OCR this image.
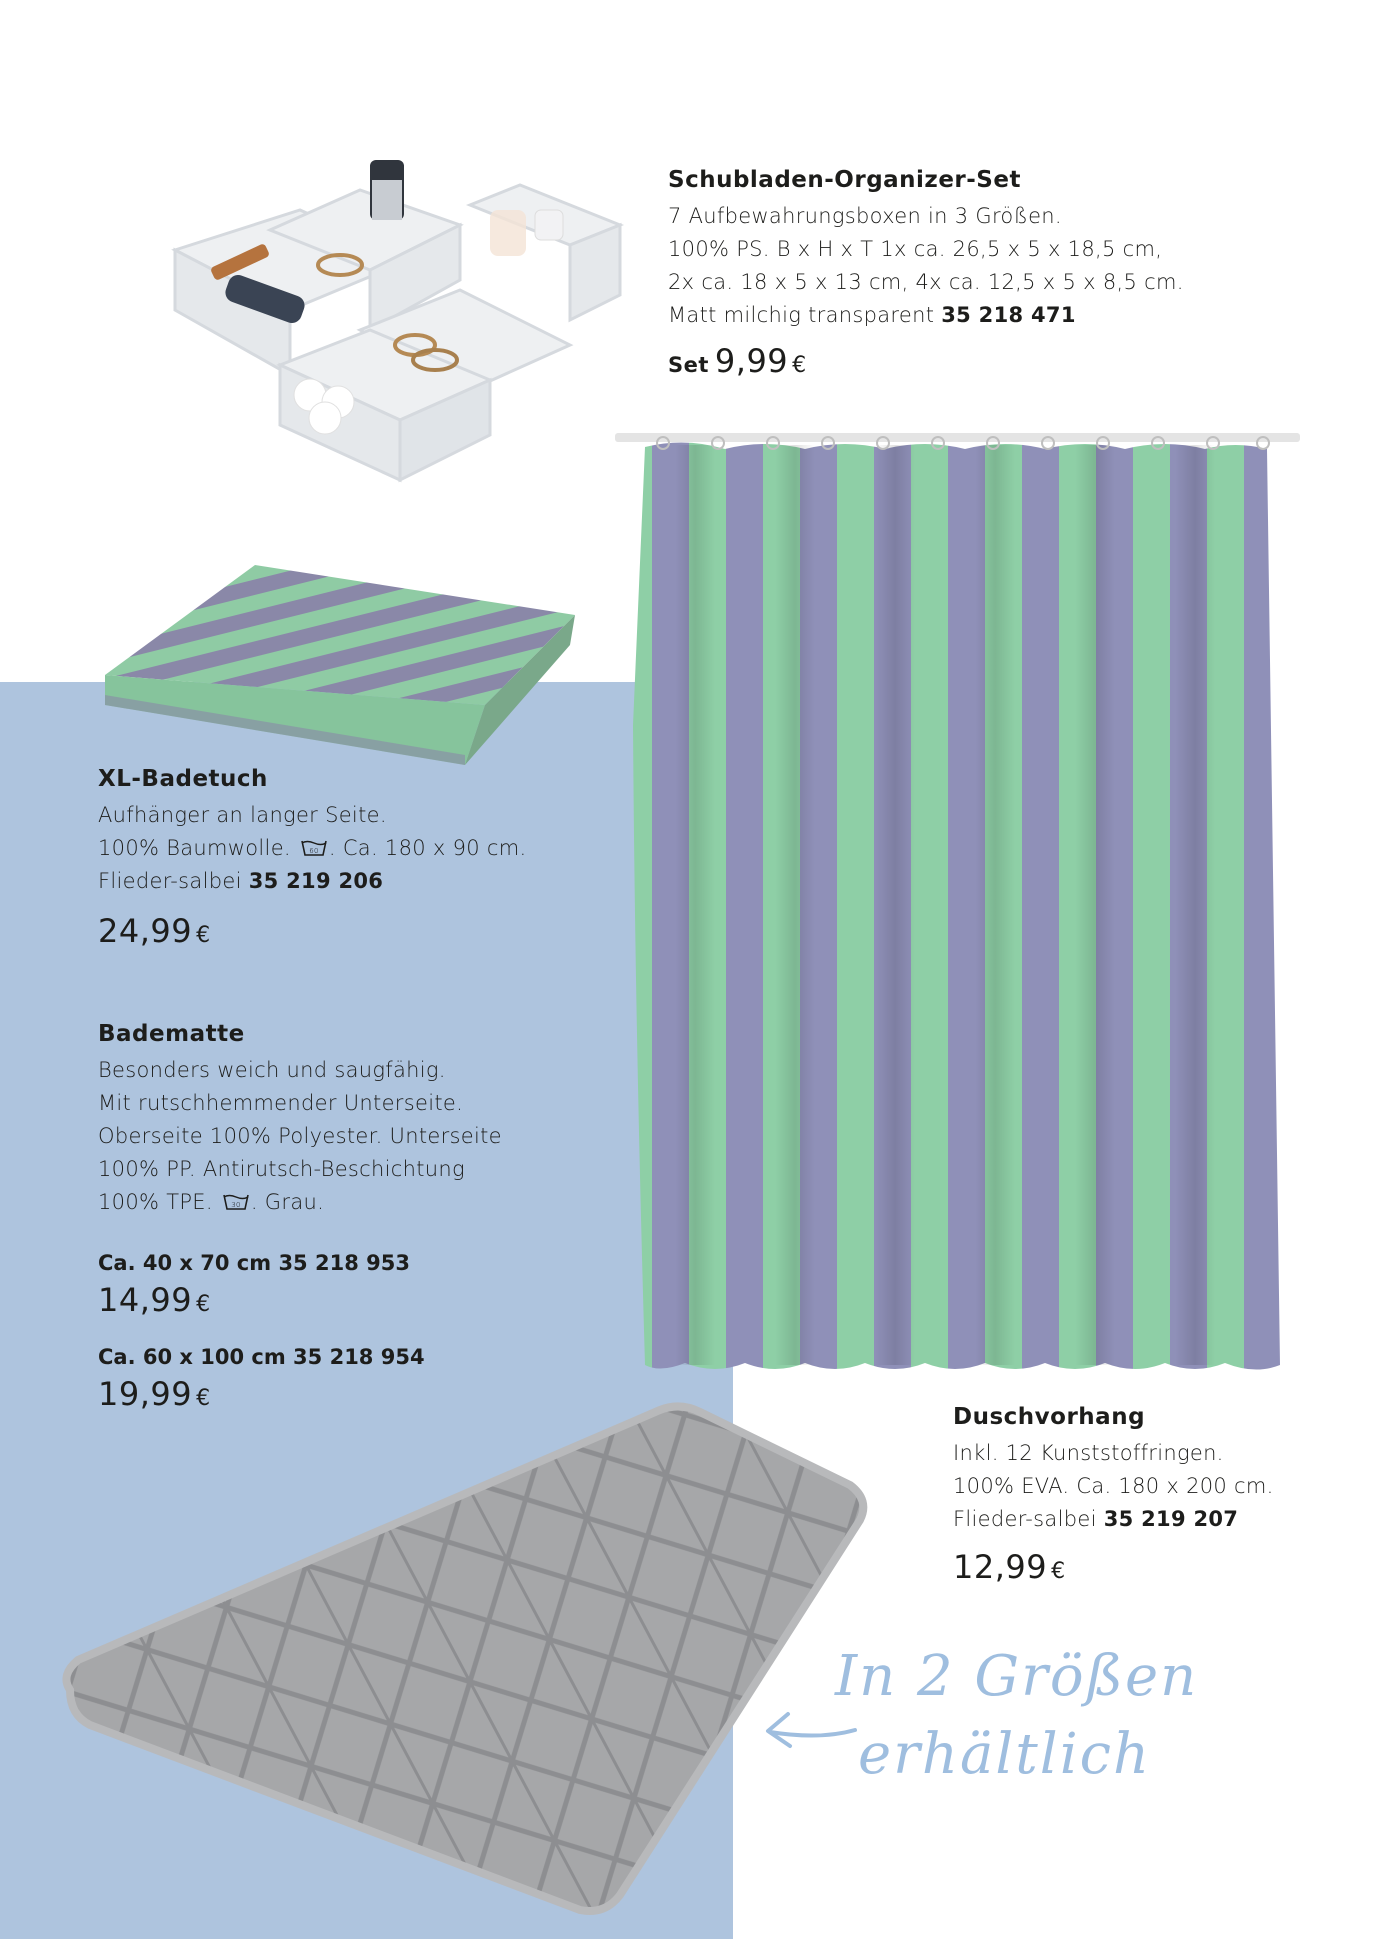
Schubladen-Organizer-Set
7 Aufbewahrungsboxen in 3 Größen.
100% PS. B x H x T 1x ca. 26,5 x 5 x 18,5 cm,
2x ca. 18 x 5 x 13 cm, 4x ca. 12,5 x 5 x 8,5 cm.
Matt milchig transparent 35 218 471
Set 9,99 €
XL-Badetuch
Aufhänger an langer Seite.
100% Baumwolle.	60 . Ca. 180 x 90 cm.
Flieder-salbei 35 219 206
24,99 €
Badematte
Besonders weich und saugfähig.
Mit rutschhemmender Unterseite.
Oberseite 100% Polyester. Unterseite
100% PP. Antirutsch-Beschichtung
100% TPE.	30 . Grau.
Ca. 40 x 70 cm 35 218 953
14,99 €
Ca. 60 x 100 cm 35 218 954
19,99 €
Duschvorhang
Inkl. 12 Kunststoffringen.
100% EVA. Ca. 180 x 200 cm.
Flieder-salbei 35 219 207
12,99 €
In 2 Größen
erhältlich
